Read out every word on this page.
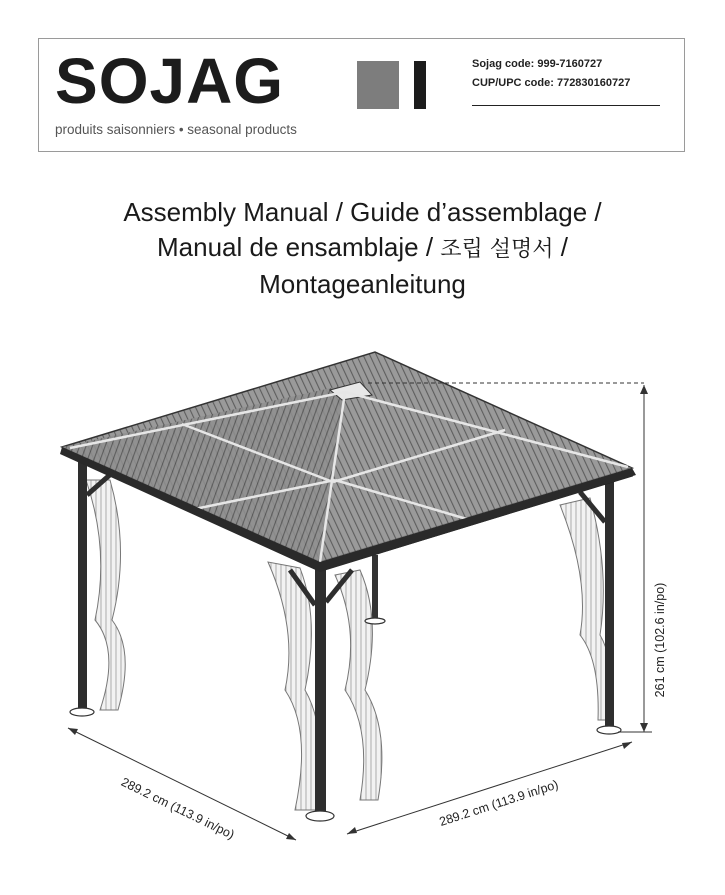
SOJAG
produits saisonniers • seasonal products
Sojag code: 999-7160727
CUP/UPC code: 772830160727
Assembly Manual / Guide d’assemblage /
Manual de ensamblaje / 조립 설명서 /
Montageanleitung
261 cm (102.6 in/po)
289.2 cm (113.9 in/po)	289.2 cm (113.9 in/po)
